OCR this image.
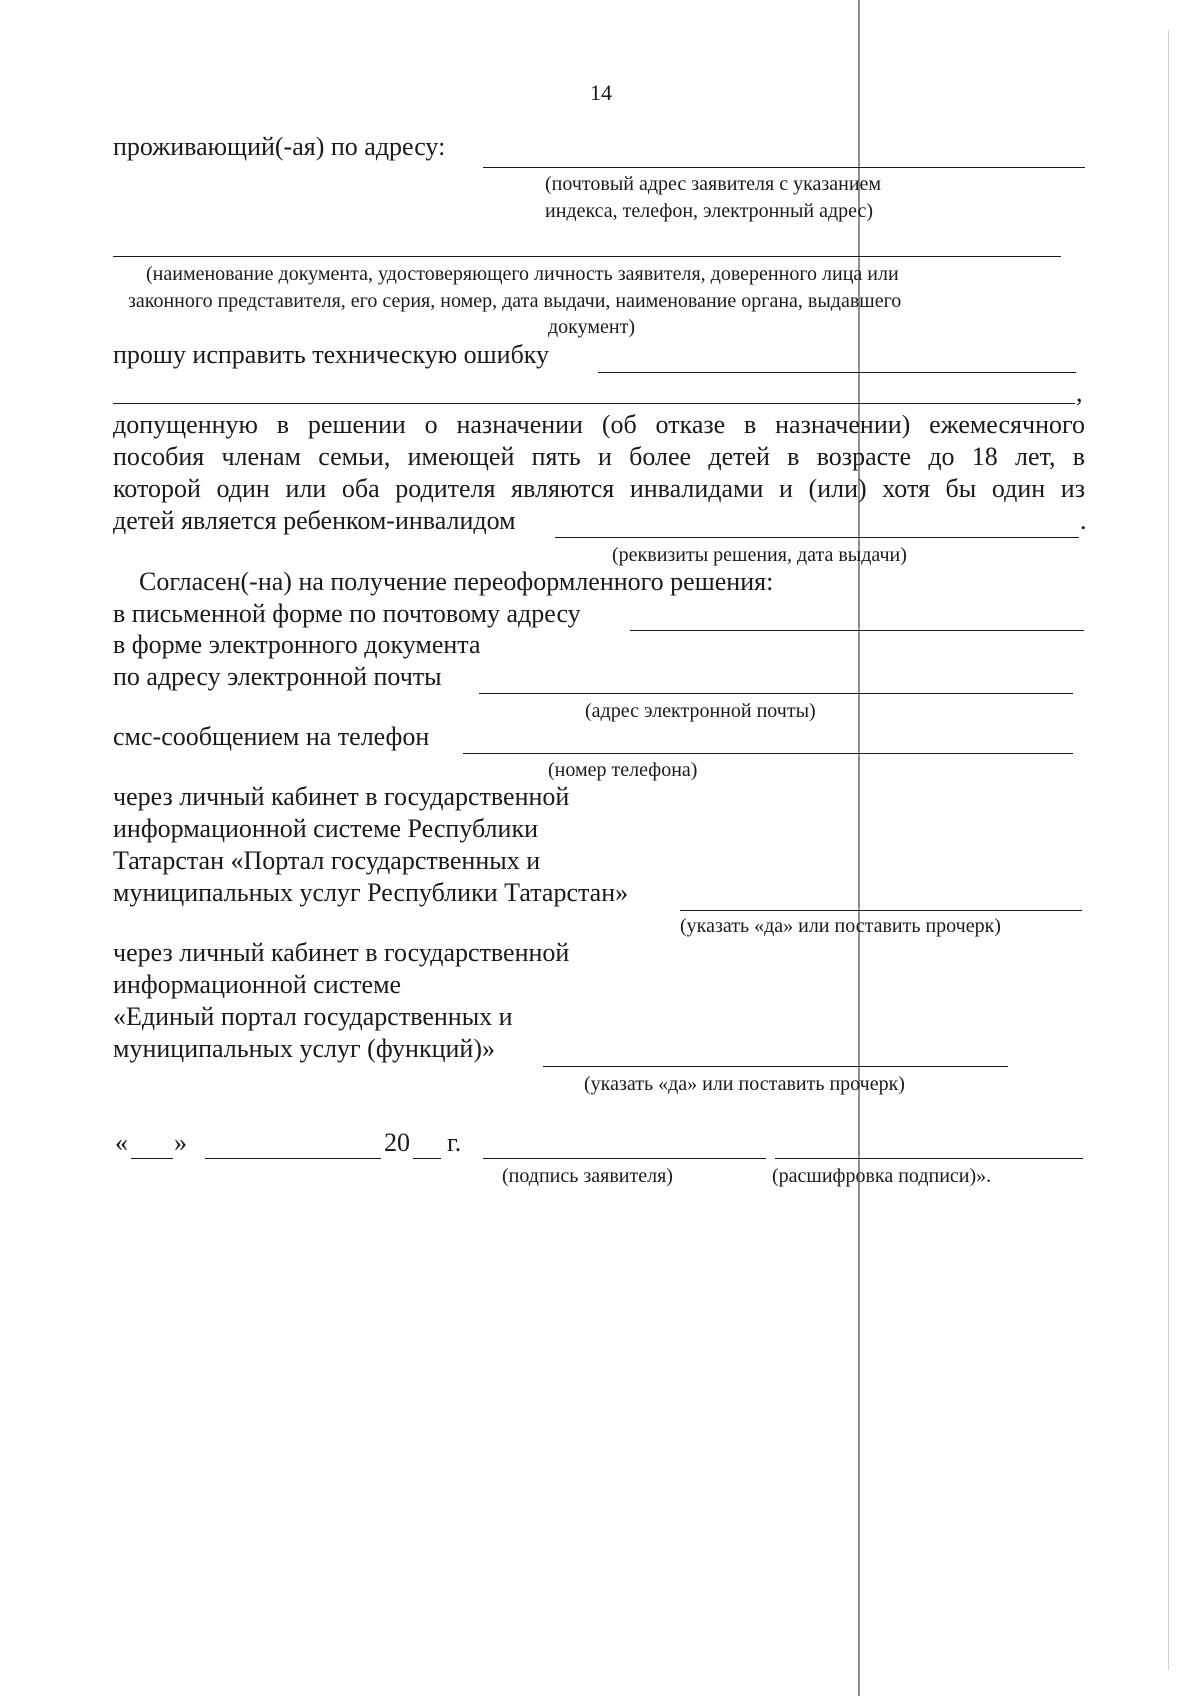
14
проживающий(-ая) по адресу:
(почтовый адрес заявителя с указанием
индекса, телефон, электронный адрес)
(наименование документа, удостоверяющего личность заявителя, доверенного лица или
законного представителя, его серия, номер, дата выдачи, наименование органа, выдавшего
документ)
прошу исправить техническую ошибку
,
допущенную в решении о назначении (об отказе в назначении) ежемесячного
пособия членам семьи, имеющей пять и более детей в возрасте до 18 лет, в
которой один или оба родителя являются инвалидами и (или) хотя бы один из
детей является ребенком-инвалидом	.
(реквизиты решения, дата выдачи)
Согласен(-на) на получение переоформленного решения:
в письменной форме по почтовому адресу
в форме электронного документа
по адресу электронной почты
(адрес электронной почты)
смс-сообщением на телефон
(номер телефона)
через личный кабинет в государственной
информационной системе Республики
Татарстан «Портал государственных и
муниципальных услуг Республики Татарстан»
(указать «да» или поставить прочерк)
через личный кабинет в государственной
информационной системе
«Единый портал государственных и
муниципальных услуг (функций)»
(указать «да» или поставить прочерк)
« »	20 г.
(подпись заявителя)	(расшифровка подписи)».
